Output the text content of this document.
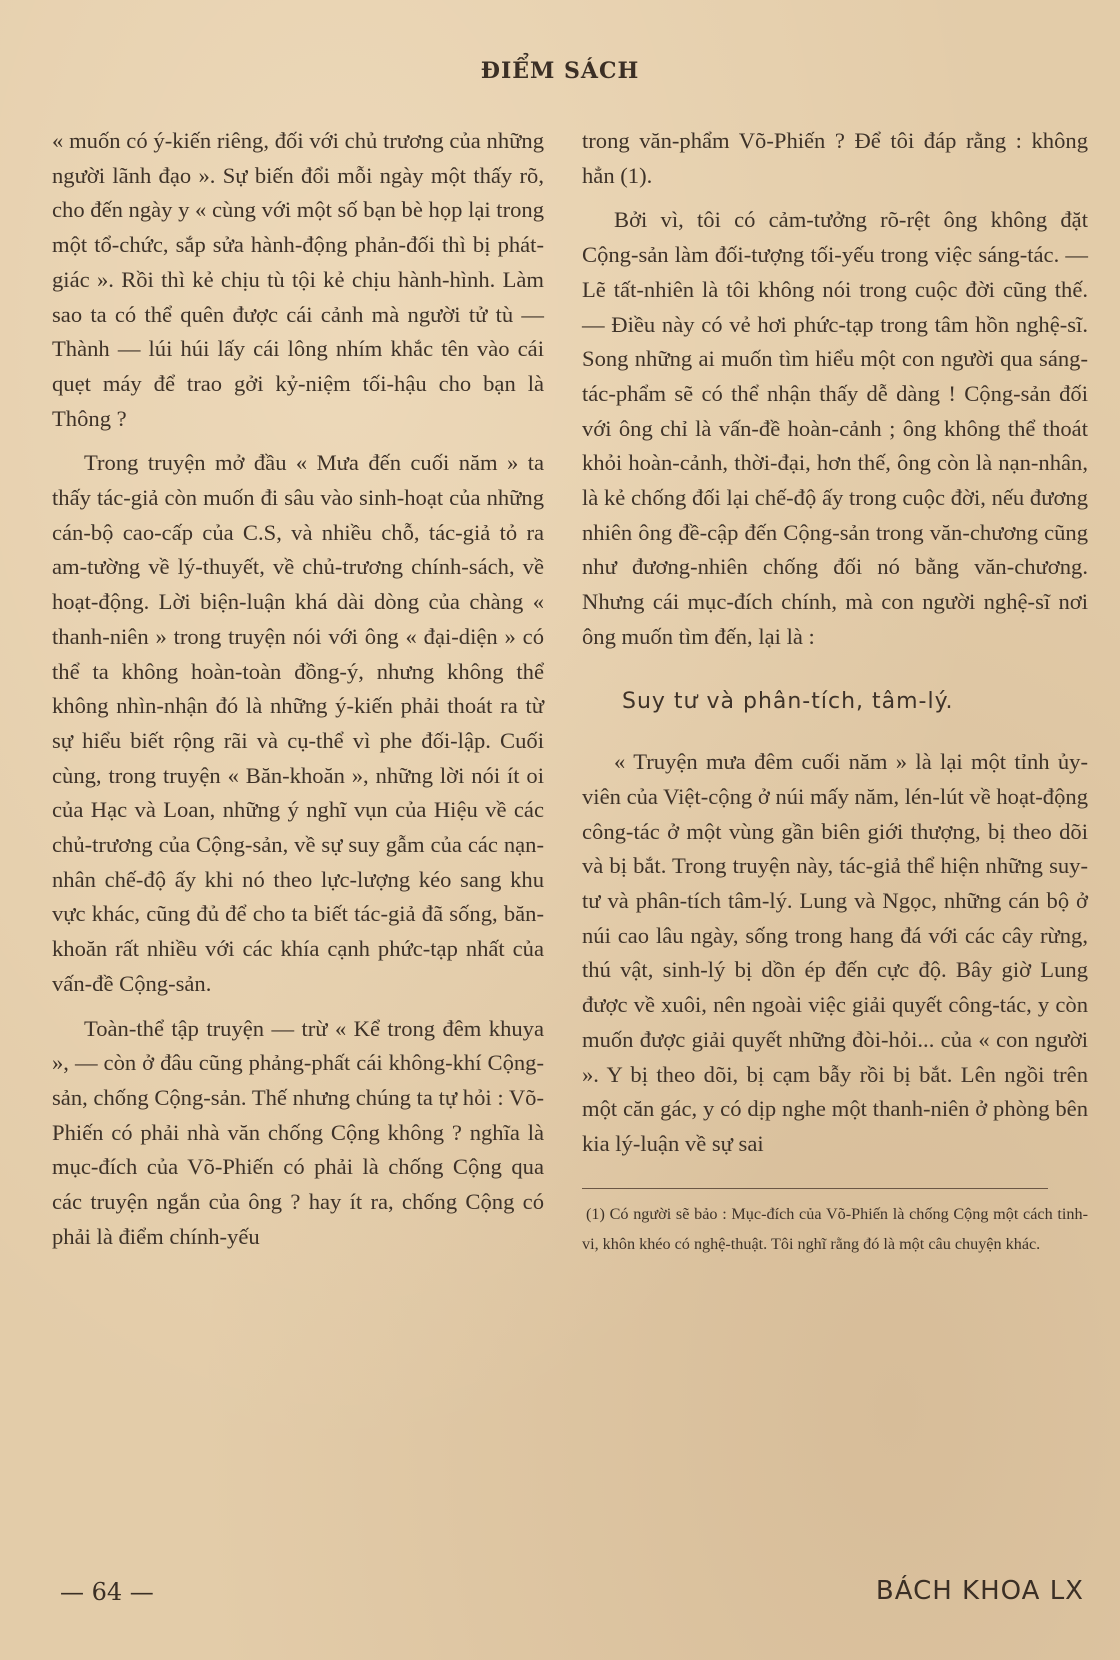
ĐIỂM SÁCH

« muốn có ý-kiến riêng, đối với chủ trương của những người lãnh đạo ». Sự biến đổi mỗi ngày một thấy rõ, cho đến ngày y « cùng với một số bạn bè họp lại trong một tổ-chức, sắp sửa hành-động phản-đối thì bị phát-giác ». Rồi thì kẻ chịu tù tội kẻ chịu hành-hình. Làm sao ta có thể quên được cái cảnh mà người tử tù — Thành — lúi húi lấy cái lông nhím khắc tên vào cái quẹt máy để trao gởi kỷ-niệm tối-hậu cho bạn là Thông ?

Trong truyện mở đầu « Mưa đến cuối năm » ta thấy tác-giả còn muốn đi sâu vào sinh-hoạt của những cán-bộ cao-cấp của C.S, và nhiều chỗ, tác-giả tỏ ra am-tường về lý-thuyết, về chủ-trương chính-sách, về hoạt-động. Lời biện-luận khá dài dòng của chàng « thanh-niên » trong truyện nói với ông « đại-diện » có thể ta không hoàn-toàn đồng-ý, nhưng không thể không nhìn-nhận đó là những ý-kiến phải thoát ra từ sự hiểu biết rộng rãi và cụ-thể vì phe đối-lập. Cuối cùng, trong truyện « Băn-khoăn », những lời nói ít oi của Hạc và Loan, những ý nghĩ vụn của Hiệu về các chủ-trương của Cộng-sản, về sự suy gẫm của các nạn-nhân chế-độ ấy khi nó theo lực-lượng kéo sang khu vực khác, cũng đủ để cho ta biết tác-giả đã sống, băn-khoăn rất nhiều với các khía cạnh phức-tạp nhất của vấn-đề Cộng-sản.

Toàn-thể tập truyện — trừ « Kể trong đêm khuya », — còn ở đâu cũng phảng-phất cái không-khí Cộng-sản, chống Cộng-sản. Thế nhưng chúng ta tự hỏi : Võ-Phiến có phải nhà văn chống Cộng không ? nghĩa là mục-đích của Võ-Phiến có phải là chống Cộng qua các truyện ngắn của ông ? hay ít ra, chống Cộng có phải là điểm chính-yếu

trong văn-phẩm Võ-Phiến ? Để tôi đáp rằng : không hẳn (1).

Bởi vì, tôi có cảm-tưởng rõ-rệt ông không đặt Cộng-sản làm đối-tượng tối-yếu trong việc sáng-tác. — Lẽ tất-nhiên là tôi không nói trong cuộc đời cũng thế. — Điều này có vẻ hơi phức-tạp trong tâm hồn nghệ-sĩ. Song những ai muốn tìm hiểu một con người qua sáng-tác-phẩm sẽ có thể nhận thấy dễ dàng ! Cộng-sản đối với ông chỉ là vấn-đề hoàn-cảnh ; ông không thể thoát khỏi hoàn-cảnh, thời-đại, hơn thế, ông còn là nạn-nhân, là kẻ chống đối lại chế-độ ấy trong cuộc đời, nếu đương nhiên ông đề-cập đến Cộng-sản trong văn-chương cũng như đương-nhiên chống đối nó bằng văn-chương. Nhưng cái mục-đích chính, mà con người nghệ-sĩ nơi ông muốn tìm đến, lại là :

Suy tư và phân-tích, tâm-lý.

« Truyện mưa đêm cuối năm » là lại một tỉnh ủy-viên của Việt-cộng ở núi mấy năm, lén-lút về hoạt-động công-tác ở một vùng gần biên giới thượng, bị theo dõi và bị bắt. Trong truyện này, tác-giả thể hiện những suy-tư và phân-tích tâm-lý. Lung và Ngọc, những cán bộ ở núi cao lâu ngày, sống trong hang đá với các cây rừng, thú vật, sinh-lý bị dồn ép đến cực độ. Bây giờ Lung được về xuôi, nên ngoài việc giải quyết công-tác, y còn muốn được giải quyết những đòi-hỏi... của « con người ». Y bị theo dõi, bị cạm bẫy rồi bị bắt. Lên ngồi trên một căn gác, y có dịp nghe một thanh-niên ở phòng bên kia lý-luận về sự sai

(1) Có người sẽ bảo : Mục-đích của Võ-Phiến là chống Cộng một cách tinh-vi, khôn khéo có nghệ-thuật. Tôi nghĩ rằng đó là một câu chuyện khác.
— 64 —	BÁCH KHOA LX
